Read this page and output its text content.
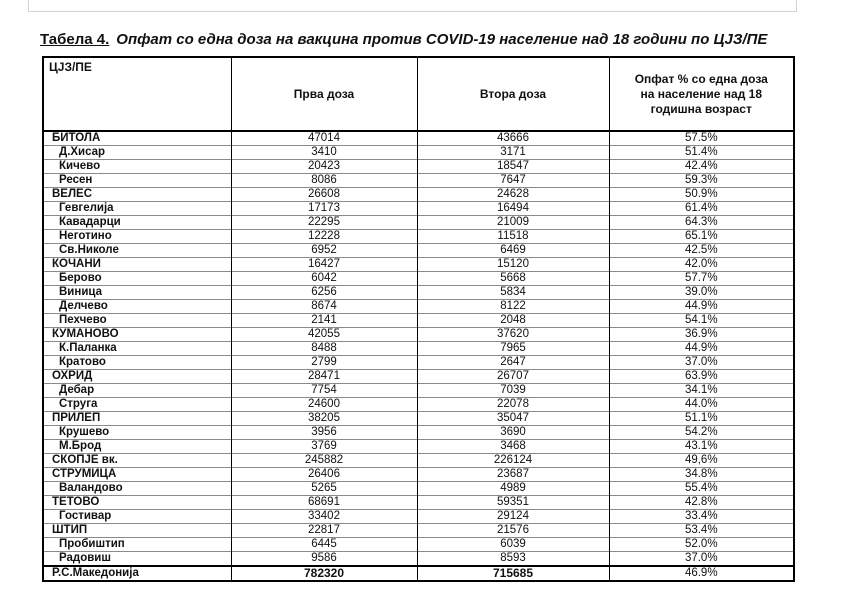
Табела 4. Опфат со една доза на вакцина против COVID-19 население над 18 години по ЦЈЗ/ПЕ
ЦЈЗ/ПЕ	Прва доза	Втора доза	Опфат % со една доза на население над 18 годишна возраст
БИТОЛА	47014	43666	57.5%
Д.Хисар	3410	3171	51.4%
Кичево	20423	18547	42.4%
Ресен	8086	7647	59.3%
ВЕЛЕС	26608	24628	50.9%
Гевгелија	17173	16494	61.4%
Кавадарци	22295	21009	64.3%
Неготино	12228	11518	65.1%
Св.Николе	6952	6469	42.5%
КОЧАНИ	16427	15120	42.0%
Берово	6042	5668	57.7%
Виница	6256	5834	39.0%
Делчево	8674	8122	44.9%
Пехчево	2141	2048	54.1%
КУМАНОВО	42055	37620	36.9%
К.Паланка	8488	7965	44.9%
Кратово	2799	2647	37.0%
ОХРИД	28471	26707	63.9%
Дебар	7754	7039	34.1%
Струга	24600	22078	44.0%
ПРИЛЕП	38205	35047	51.1%
Крушево	3956	3690	54.2%
М.Брод	3769	3468	43.1%
СКОПЈЕ вк.	245882	226124	49,6%
СТРУМИЦА	26406	23687	34.8%
Валандово	5265	4989	55.4%
ТЕТОВО	68691	59351	42.8%
Гостивар	33402	29124	33.4%
ШТИП	22817	21576	53.4%
Пробиштип	6445	6039	52.0%
Радовиш	9586	8593	37.0%
Р.С.Македонија	782320	715685	46.9%
